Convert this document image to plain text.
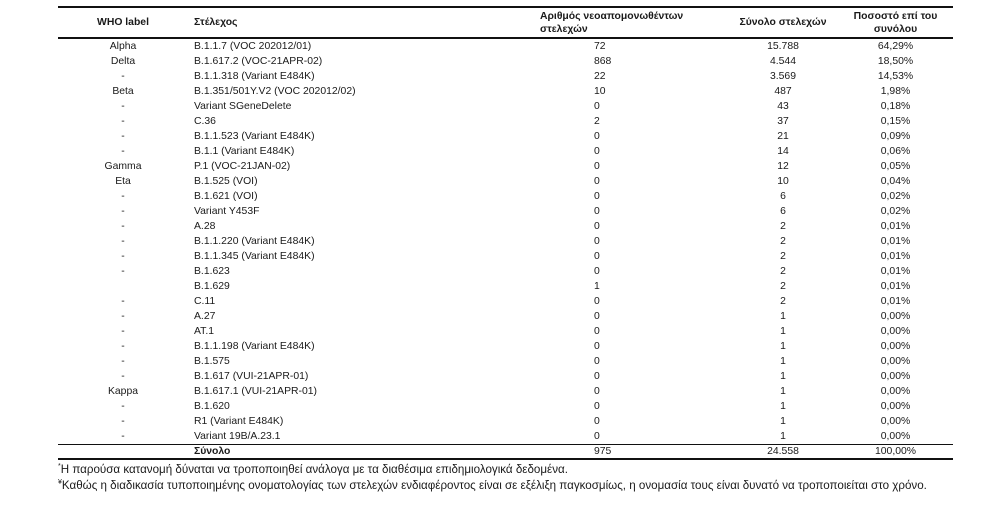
WHO label	Στέλεχος	Αριθμός νεοαπομονωθέντων στελεχών	Σύνολο στελεχών	Ποσοστό επί του συνόλου
Alpha	B.1.1.7 (VOC 202012/01)	72	15.788	64,29%
Delta	B.1.617.2 (VOC-21APR-02)	868	4.544	18,50%
-	B.1.1.318 (Variant E484K)	22	3.569	14,53%
Beta	B.1.351/501Y.V2 (VOC 202012/02)	10	487	1,98%
-	Variant SGeneDelete	0	43	0,18%
-	C.36	2	37	0,15%
-	B.1.1.523 (Variant E484K)	0	21	0,09%
-	B.1.1 (Variant E484K)	0	14	0,06%
Gamma	P.1 (VOC-21JAN-02)	0	12	0,05%
Eta	B.1.525 (VOI)	0	10	0,04%
-	B.1.621 (VOI)	0	6	0,02%
-	Variant Y453F	0	6	0,02%
-	A.28	0	2	0,01%
-	B.1.1.220 (Variant E484K)	0	2	0,01%
-	B.1.1.345 (Variant E484K)	0	2	0,01%
-	B.1.623	0	2	0,01%
	B.1.629	1	2	0,01%
-	C.11	0	2	0,01%
-	A.27	0	1	0,00%
-	AT.1	0	1	0,00%
-	B.1.1.198 (Variant E484K)	0	1	0,00%
-	B.1.575	0	1	0,00%
-	B.1.617 (VUI-21APR-01)	0	1	0,00%
Kappa	B.1.617.1 (VUI-21APR-01)	0	1	0,00%
-	B.1.620	0	1	0,00%
-	R1 (Variant E484K)	0	1	0,00%
-	Variant 19B/A.23.1	0	1	0,00%
	Σύνολο	975	24.558	100,00%
*Η παρούσα κατανομή δύναται να τροποποιηθεί ανάλογα με τα διαθέσιμα επιδημιολογικά δεδομένα.
¥Καθώς η διαδικασία τυποποιημένης ονοματολογίας των στελεχών ενδιαφέροντος είναι σε εξέλιξη παγκοσμίως, η ονομασία τους είναι δυνατό να τροποποιείται στο χρόνο.
